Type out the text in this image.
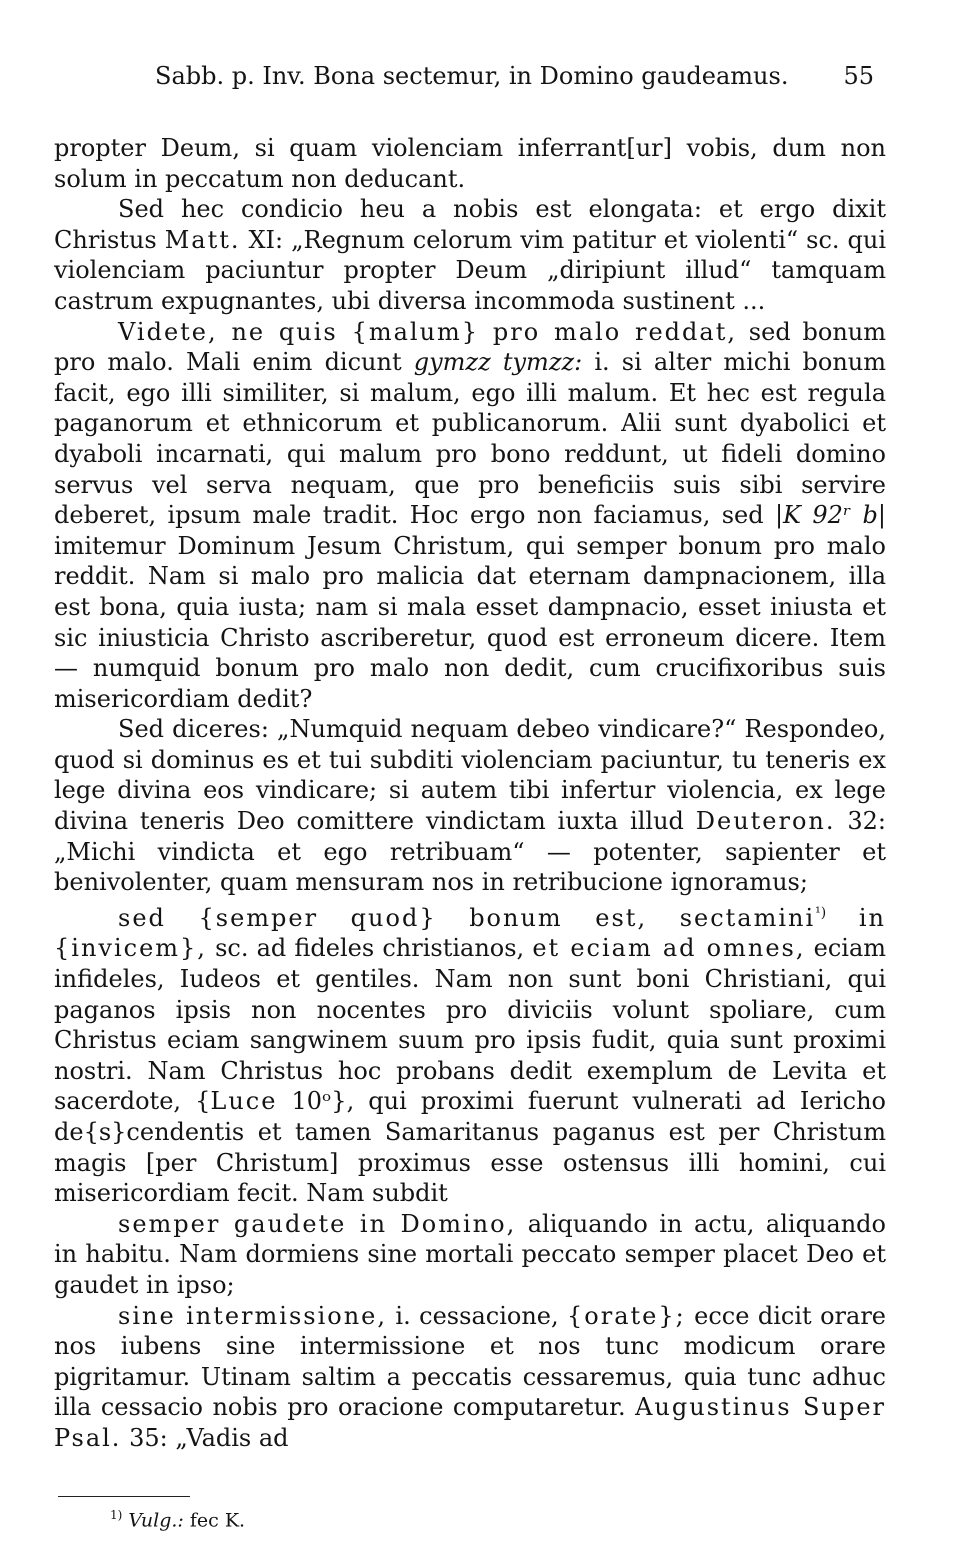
Sabb. p. Inv. Bona sectemur, in Domino gaudeamus. 55

propter Deum, si quam violenciam inferrant[ur] vobis, dum non solum in peccatum non deducant.

Sed hec condicio heu a nobis est elongata: et ergo dixit Christus Matt. XI: „Regnum celorum vim patitur et violenti“ sc. qui violenciam paciuntur propter Deum „diripiunt illud“ tamquam castrum expugnantes, ubi diversa incommoda sustinent ...

Videte, ne quis {malum} pro malo reddat, sed bonum pro malo. Mali enim dicunt gymzz tymzz: i. si alter michi bonum facit, ego illi similiter, si malum, ego illi malum. Et hec est regula paganorum et ethnicorum et publicanorum. Alii sunt dyabolici et dyaboli incarnati, qui malum pro bono reddunt, ut fideli domino servus vel serva nequam, que pro beneficiis suis sibi servire deberet, ipsum male tradit. Hoc ergo non faciamus, sed |K 92ʳ b| imitemur Dominum Jesum Christum, qui semper bonum pro malo reddit. Nam si malo pro malicia dat eternam dampnacionem, illa est bona, quia iusta; nam si mala esset dampnacio, esset iniusta et sic iniusticia Christo ascriberetur, quod est erroneum dicere. Item — numquid bonum pro malo non dedit, cum crucifixoribus suis misericordiam dedit?

Sed diceres: „Numquid nequam debeo vindicare?“ Respondeo, quod si dominus es et tui subditi violenciam paciuntur, tu teneris ex lege divina eos vindicare; si autem tibi infertur violencia, ex lege divina teneris Deo comittere vindictam iuxta illud Deuteron. 32: „Michi vindicta et ego retribuam“ — potenter, sapienter et benivolenter, quam mensuram nos in retribucione ignoramus;

sed {semper quod} bonum est, sectamini$^{^1)}$ in {invicem}, sc. ad fideles christianos, et eciam ad omnes, eciam infideles, Iudeos et gentiles. Nam non sunt boni Christiani, qui paganos ipsis non nocentes pro diviciis volunt spoliare, cum Christus eciam sangwinem suum pro ipsis fudit, quia sunt proximi nostri. Nam Christus hoc probans dedit exemplum de Levita et sacerdote, {Luce 10ᵒ}, qui proximi fuerunt vulnerati ad Iericho de{s}cendentis et tamen Samaritanus paganus est per Christum magis [per Christum] proximus esse ostensus illi homini, cui misericordiam fecit. Nam subdit

semper gaudete in Domino, aliquando in actu, aliquando in habitu. Nam dormiens sine mortali peccato semper placet Deo et gaudet in ipso;

sine intermissione, i. cessacione, {orate}; ecce dicit orare nos iubens sine intermissione et nos tunc modicum orare pigritamur. Utinam saltim a peccatis cessaremus, quia tunc adhuc illa cessacio nobis pro oracione computaretur. Augustinus Super Psal. 35: „Vadis ad

$^{1)}$ Vulg.: fec K.
